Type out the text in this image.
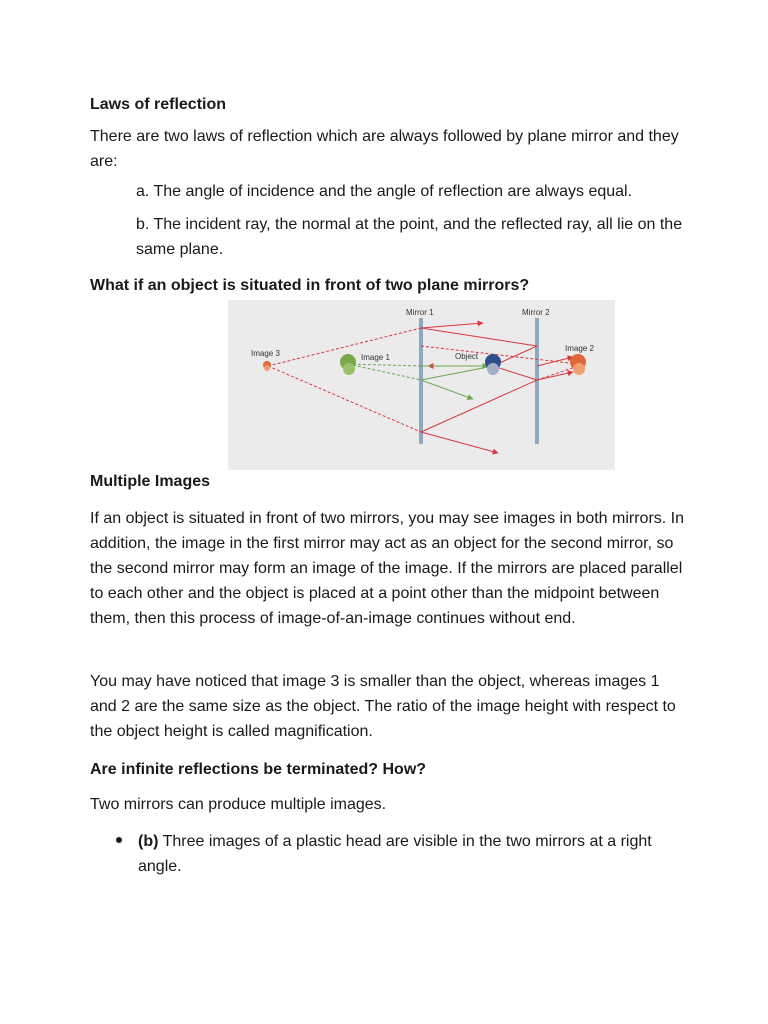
Laws of reflection

There are two laws of reflection which are always followed by plane mirror and they are:

a. The angle of incidence and the angle of reflection are always equal.

b. The incident ray, the normal at the point, and the reflected ray, all lie on the same plane.

What if an object is situated in front of two plane mirrors?
Mirror 1	Mirror 2
Image 3	Image 1	Object
Image 2
Multiple Images

If an object is situated in front of two mirrors, you may see images in both mirrors. In addition, the image in the first mirror may act as an object for the second mirror, so the second mirror may form an image of the image. If the mirrors are placed parallel to each other and the object is placed at a point other than the midpoint between them, then this process of image-of-an-image continues without end.

You may have noticed that image 3 is smaller than the object, whereas images 1 and 2 are the same size as the object. The ratio of the image height with respect to the object height is called magnification.

Are infinite reflections be terminated? How?

Two mirrors can produce multiple images.

(b) Three images of a plastic head are visible in the two mirrors at a right angle.
